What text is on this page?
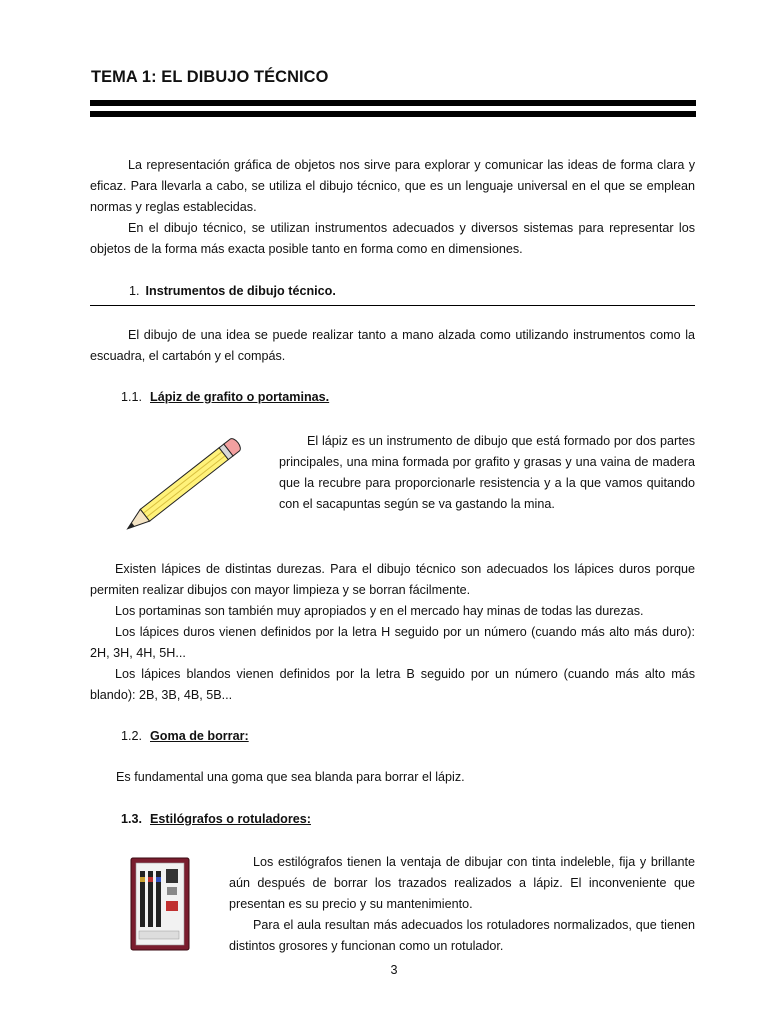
TEMA 1: EL DIBUJO TÉCNICO

La representación gráfica de objetos nos sirve para explorar y comunicar las ideas de forma clara y eficaz. Para llevarla a cabo, se utiliza el dibujo técnico, que es un lenguaje universal en el que se emplean normas y reglas establecidas.

En el dibujo técnico, se utilizan instrumentos adecuados y diversos sistemas para representar los objetos de la forma más exacta posible tanto en forma como en dimensiones.

1. Instrumentos de dibujo técnico.

El dibujo de una idea se puede realizar tanto a mano alzada como utilizando instrumentos como la escuadra, el cartabón y el compás.

1.1. Lápiz de grafito o portaminas.

El lápiz es un instrumento de dibujo que está formado por dos partes principales, una mina formada por grafito y grasas y una vaina de madera que la recubre para proporcionarle resistencia y a la que vamos quitando con el sacapuntas según se va gastando la mina.

Existen lápices de distintas durezas. Para el dibujo técnico son adecuados los lápices duros porque permiten realizar dibujos con mayor limpieza y se borran fácilmente.

Los portaminas son también muy apropiados y en el mercado hay minas de todas las durezas.

Los lápices duros vienen definidos por la letra H seguido por un número (cuando más alto más duro): 2H, 3H, 4H, 5H...

Los lápices blandos vienen definidos por la letra B seguido por un número (cuando más alto más blando): 2B, 3B, 4B, 5B...

1.2. Goma de borrar:

Es fundamental una goma que sea blanda para borrar el lápiz.

1.3. Estilógrafos o rotuladores:

Los estilógrafos tienen la ventaja de dibujar con tinta indeleble, fija y brillante aún después de borrar los trazados realizados a lápiz. El inconveniente que presentan es su precio y su mantenimiento.

Para el aula resultan más adecuados los rotuladores normalizados, que tienen distintos grosores y funcionan como un rotulador.

3
